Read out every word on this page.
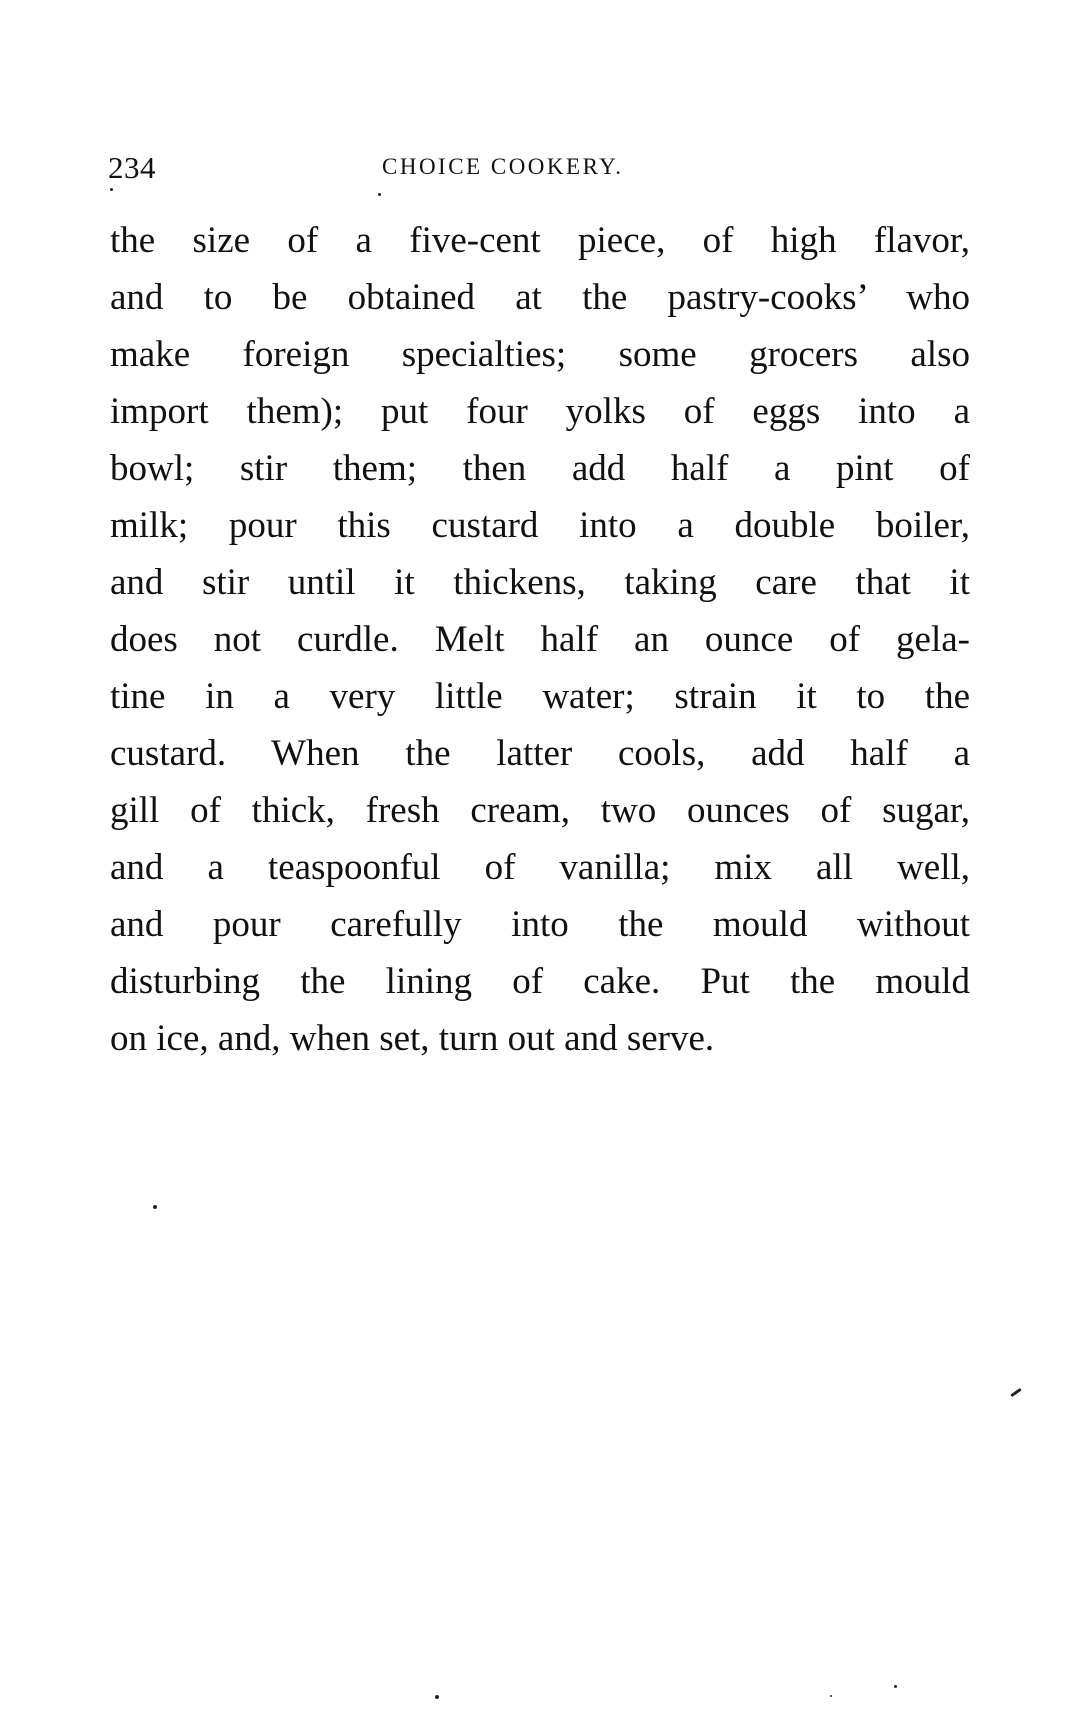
234	CHOICE COOKERY.
the size of a five-cent piece, of high flavor,
and to be obtained at the pastry-cooks’ who
make foreign specialties; some grocers also
import them); put four yolks of eggs into a
bowl; stir them; then add half a pint of
milk; pour this custard into a double boiler,
and stir until it thickens, taking care that it
does not curdle. Melt half an ounce of gela-
tine in a very little water; strain it to the
custard. When the latter cools, add half a
gill of thick, fresh cream, two ounces of sugar,
and a teaspoonful of vanilla; mix all well,
and pour carefully into the mould without
disturbing the lining of cake. Put the mould
on ice, and, when set, turn out and serve.
